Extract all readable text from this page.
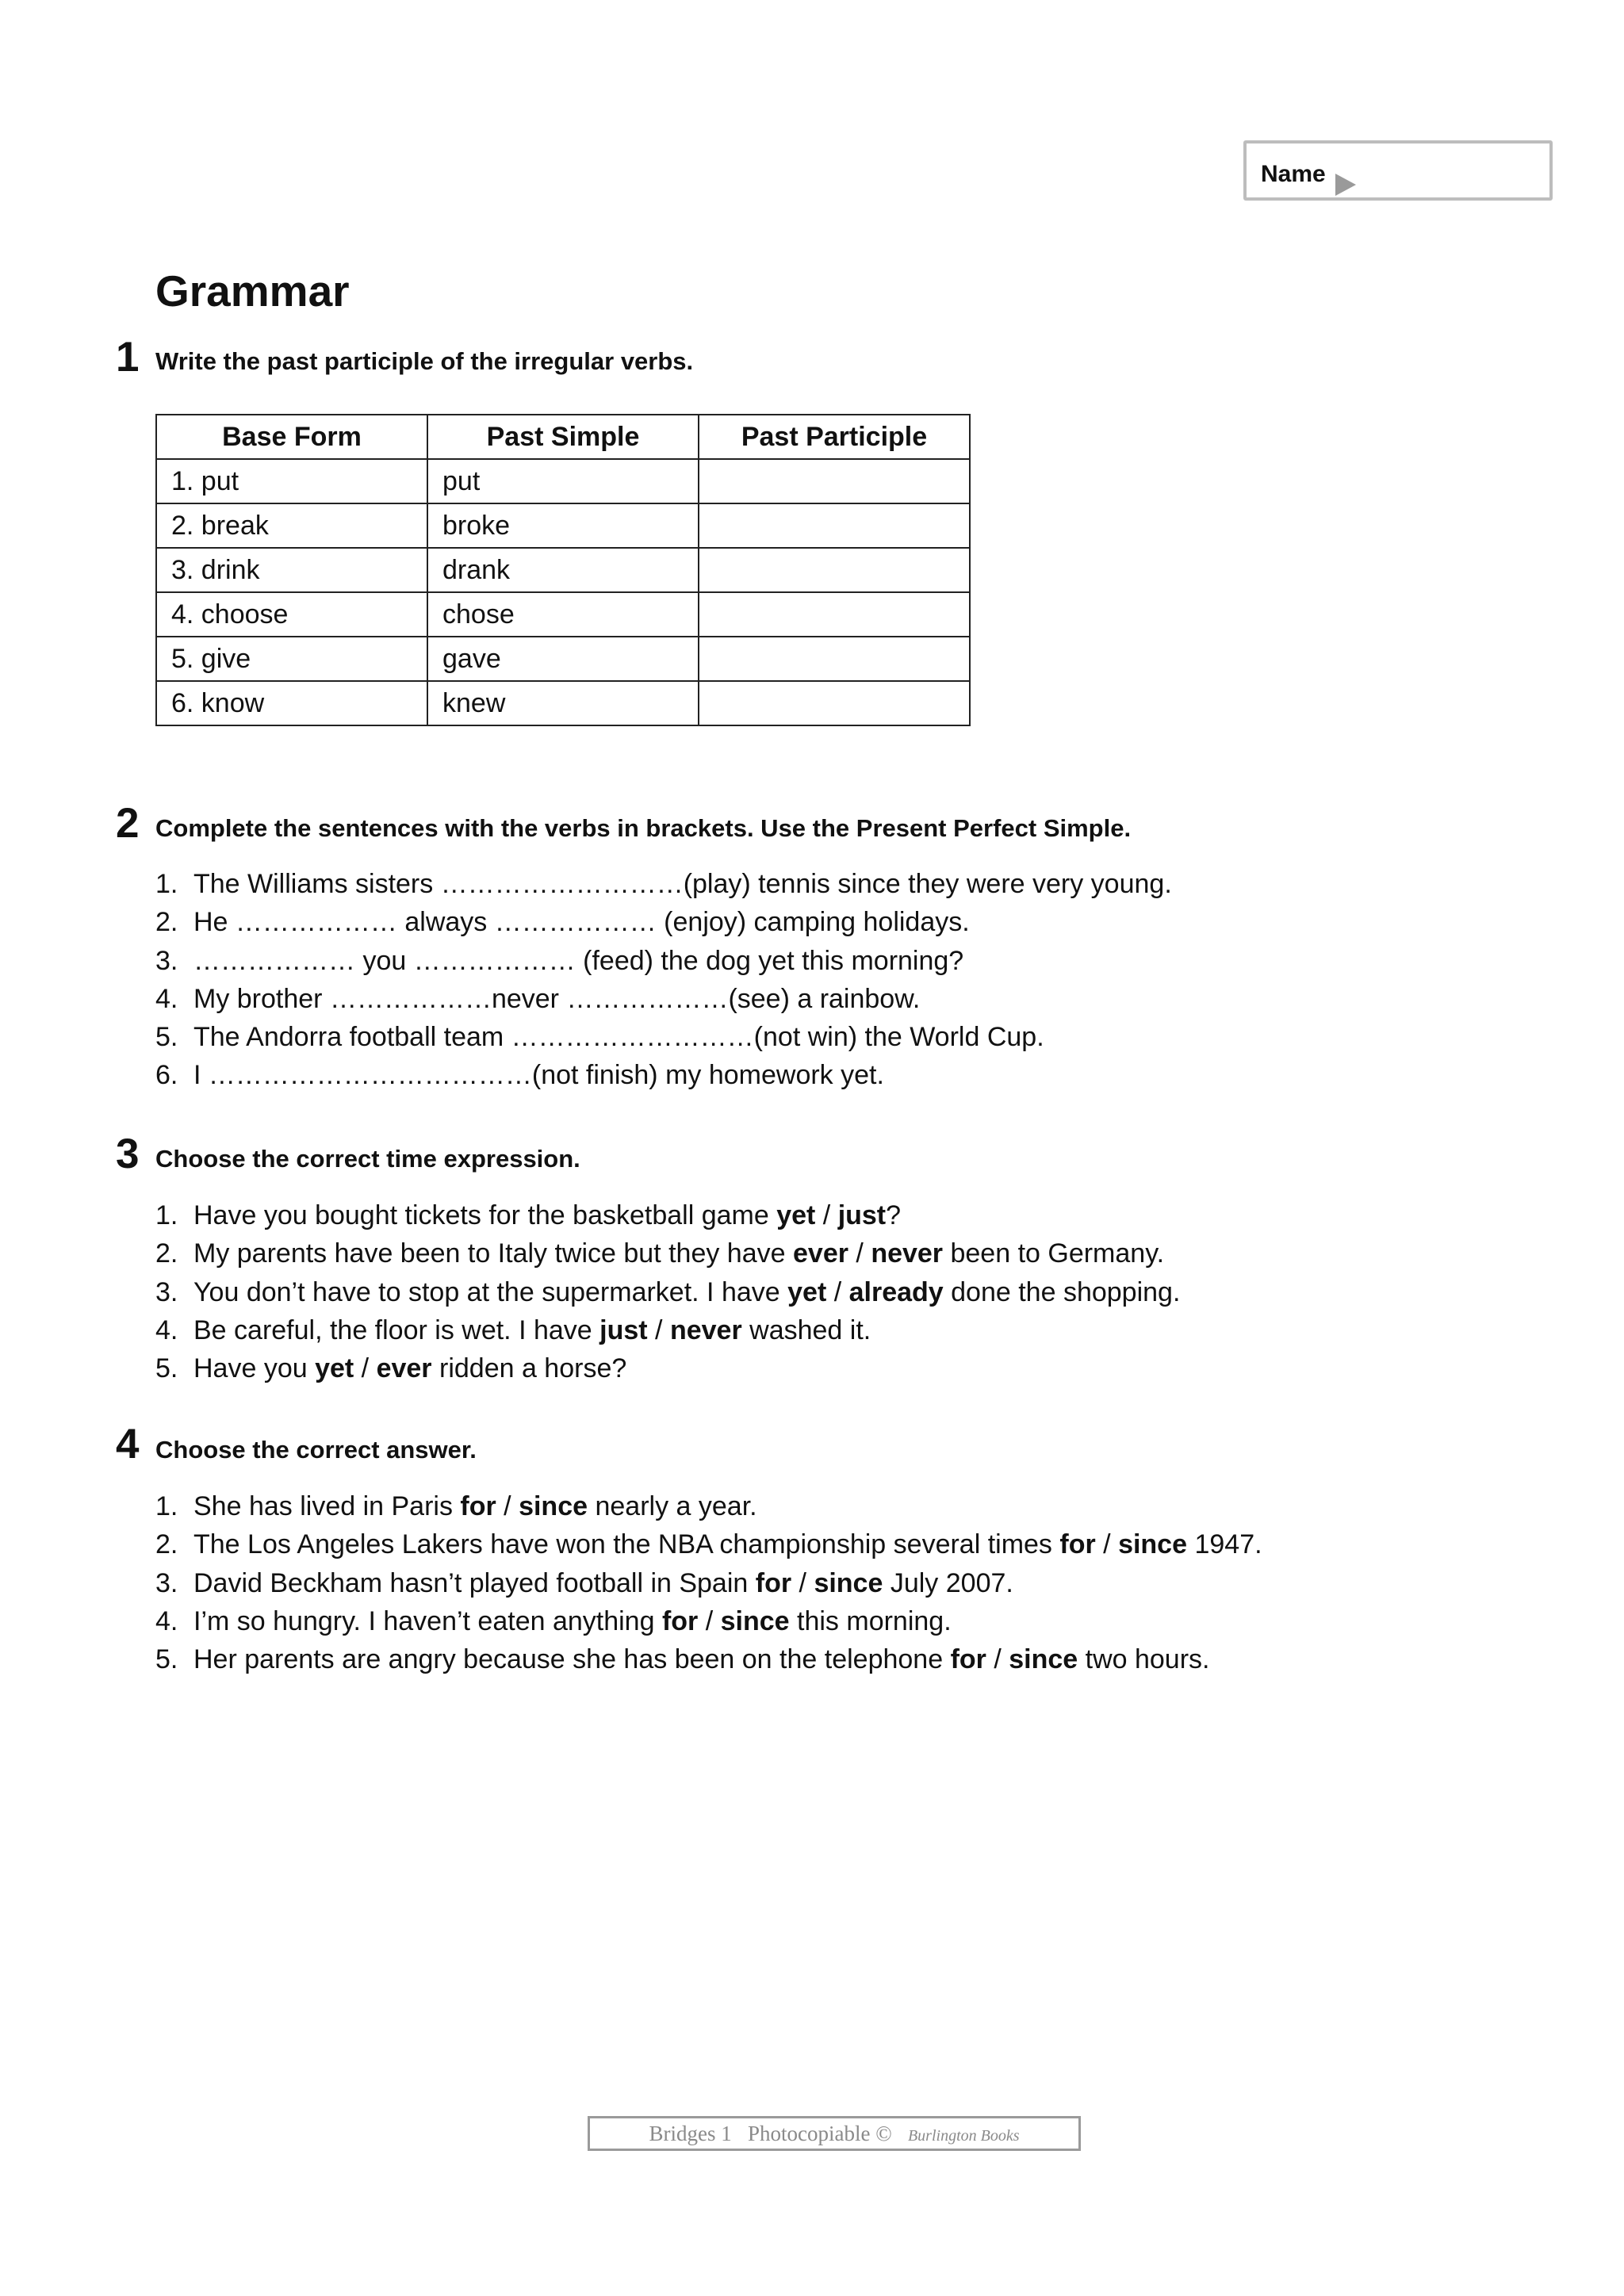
Name
Grammar
1 Write the past participle of the irregular verbs.
Base Form	Past Simple	Past Participle
1. put	put	
2. break	broke	
3. drink	drank	
4. choose	chose	
5. give	gave	
6. know	knew	
2 Complete the sentences with the verbs in brackets. Use the Present Perfect Simple.
1. The Williams sisters ………………………(play) tennis since they were very young.
2. He ……………… always ……………… (enjoy) camping holidays.
3. ……………… you ……………… (feed) the dog yet this morning?
4. My brother ………………never ………………(see) a rainbow.
5. The Andorra football team ………………………(not win) the World Cup.
6. I ………………………………(not finish) my homework yet.
3 Choose the correct time expression.
1. Have you bought tickets for the basketball game yet / just?
2. My parents have been to Italy twice but they have ever / never been to Germany.
3. You don’t have to stop at the supermarket. I have yet / already done the shopping.
4. Be careful, the floor is wet. I have just / never washed it.
5. Have you yet / ever ridden a horse?
4 Choose the correct answer.
1. She has lived in Paris for / since nearly a year.
2. The Los Angeles Lakers have won the NBA championship several times for / since 1947.
3. David Beckham hasn’t played football in Spain for / since July 2007.
4. I’m so hungry. I haven’t eaten anything for / since this morning.
5. Her parents are angry because she has been on the telephone for / since two hours.
Bridges 1 Photocopiable © Burlington Books
